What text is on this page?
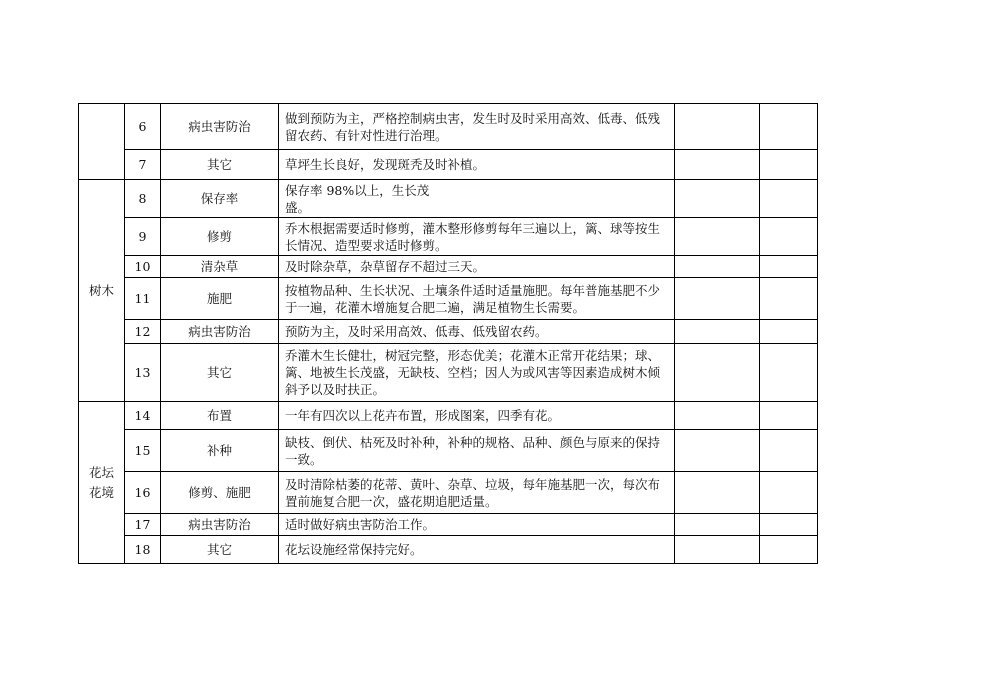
	6	病虫害防治	做到预防为主，严格控制病虫害，发生时及时采用高效、低毒、低残留农药、有针对性进行治理。		
	7	其它	草坪生长良好，发现斑秃及时补植。		
树木	8	保存率	保存率 98%以上，生长茂
盛。		

	9	修剪	乔木根据需要适时修剪，灌木整形修剪每年三遍以上，篱、球等按生长情况、造型要求适时修剪。		
	10	清杂草	及时除杂草，杂草留存不超过三天。		
	11	施肥	按植物品种、生长状况、土壤条件适时适量施肥。每年普施基肥不少于一遍，花灌木增施复合肥二遍，满足植物生长需要。		
	12	病虫害防治	预防为主，及时采用高效、低毒、低残留农药。		
	13	其它	乔灌木生长健壮，树冠完整，形态优美；花灌木正常开花结果；球、篱、地被生长茂盛，无缺枝、空档；因人为或风害等因素造成树木倾斜予以及时扶正。		
花坛
花境	14	布置	一年有四次以上花卉布置，形成图案，四季有花。		
	15	补种	缺枝、倒伏、枯死及时补种，补种的规格、品种、颜色与原来的保持一致。		
	16	修剪、施肥	及时清除枯萎的花蒂、黄叶、杂草、垃圾，每年施基肥一次，每次布置前施复合肥一次，盛花期追肥适量。		
	17	病虫害防治	适时做好病虫害防治工作。		
	18	其它	花坛设施经常保持完好。		
